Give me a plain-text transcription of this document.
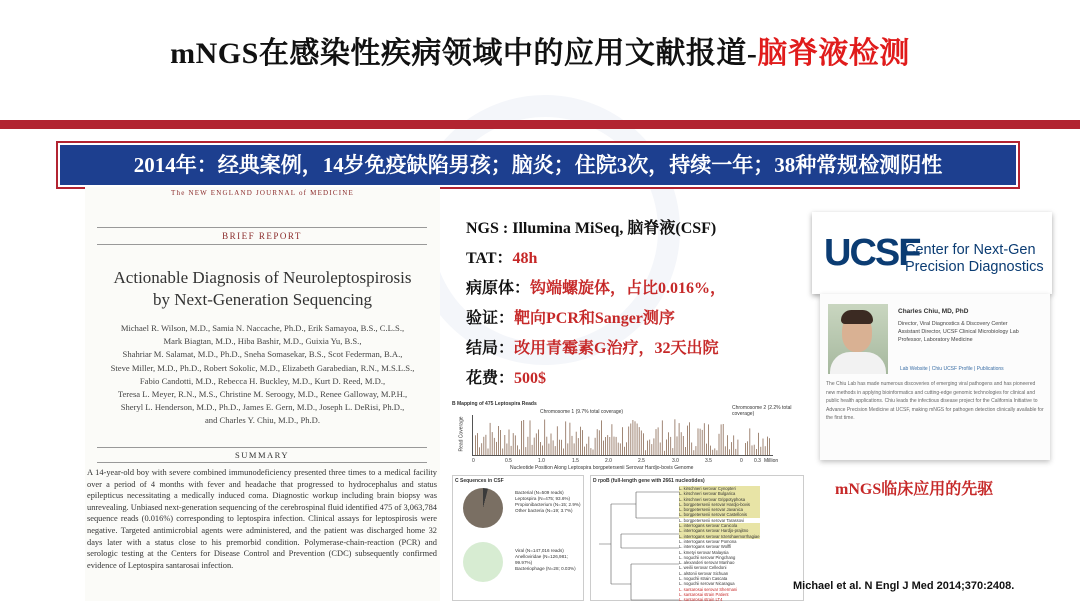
mNGS在感染性疾病领域中的应用文献报道-脑脊液检测
2014年：经典案例，14岁免疫缺陷男孩；脑炎；住院3次，持续一年；38种常规检测阴性
The NEW ENGLAND JOURNAL of MEDICINE
BRIEF REPORT
Actionable Diagnosis of Neuroleptospirosis
by Next-Generation Sequencing
Michael R. Wilson, M.D., Samia N. Naccache, Ph.D., Erik Samayoa, B.S., C.L.S.,
Mark Biagtan, M.D., Hiba Bashir, M.D., Guixia Yu, B.S.,
Shahriar M. Salamat, M.D., Ph.D., Sneha Somasekar, B.S., Scot Federman, B.A.,
Steve Miller, M.D., Ph.D., Robert Sokolic, M.D., Elizabeth Garabedian, R.N., M.S.L.S.,
Fabio Candotti, M.D., Rebecca H. Buckley, M.D., Kurt D. Reed, M.D.,
Teresa L. Meyer, R.N., M.S., Christine M. Seroogy, M.D., Renee Galloway, M.P.H.,
Sheryl L. Henderson, M.D., Ph.D., James E. Gern, M.D., Joseph L. DeRisi, Ph.D.,
and Charles Y. Chiu, M.D., Ph.D.
SUMMARY
A 14-year-old boy with severe combined immunodeficiency presented three times to a medical facility over a period of 4 months with fever and headache that progressed to hydrocephalus and status epilepticus necessitating a medically induced coma. Diagnostic workup including brain biopsy was unrevealing. Unbiased next-generation sequencing of the cerebrospinal fluid identified 475 of 3,063,784 sequence reads (0.016%) corresponding to leptospira infection. Clinical assays for leptospirosis were negative. Targeted antimicrobial agents were administered, and the patient was discharged home 32 days later with a status close to his premorbid condition. Polymerase-chain-reaction (PCR) and serologic testing at the Centers for Disease Control and Prevention (CDC) subsequently confirmed evidence of Leptospira santarosai infection.
NGS : Illumina MiSeq, 脑脊液(CSF)
TAT：48h
病原体：钩端螺旋体，占比0.016%，
验证：靶向PCR和Sanger测序
结局：改用青霉素G治疗，32天出院
花费：500$
B Mapping of 475 Leptospira Reads
Chromosome 1 (9.7% total coverage)
Chromosome 2 (2.2% total coverage)
Read Coverage
0	0.5	1.0	1.5	2.0	2.5	3.0	3.5	0 0.3 Million
Nucleotide Position Along Leptospira borgpetersenii Serovar Hardjo-bovis Genome
C Sequences in CSF
Bacterial (N=509 reads)
Leptospira (N=475; 93.6%)
Propionibacterium (N=15; 2.9%)
Other bacteria (N=19; 3.7%)
Viral (N=147,016 reads)
Anelloviridae (N=126,981; 99.97%)
Bacteriophage (N=28; 0.03%)
D rpoB (full-length gene with 2661 nucleotides)
L. kirschneri serovar Cynopteri
L. kirschneri serovar Bulgarica
L. kirschneri serovar Grippotyphosa
L. borgpetersenii serovar Hardjo-bovis
L. borgpetersenii serovar Javanica
L. borgpetersenii serovar Castellonis
L. borgpetersenii serovar Tarassovi
L. interrogans serovar Canicola
L. interrogans serovar Hardjo-prajitno
L. interrogans serovar Icterohaemorrhagiae
L. interrogans serovar Pomona
L. interrogans serovar Wolffi
L. kmetyi serovar Malaysia
L. noguchii serovar Pingchang
L. alexanderi serovar Manhao
L. weilii serovar Celledoni
L. alstonii serovar Sichuan
L. noguchii strain Cascata
L. noguchii serovar Nicaragua
L. santarosai serovar Shermani
L. santarosai strain Patient
L. santarosai strain LT4
UCSF
Center for Next-Gen
Precision Diagnostics
Charles Chiu, MD, PhD
Director, Viral Diagnostics & Discovery Center
Assistant Director, UCSF Clinical Microbiology Lab
Professor, Laboratory Medicine
Lab Website | Chiu UCSF Profile | Publications
The Chiu Lab has made numerous discoveries of emerging viral pathogens and has pioneered new methods in applying bioinformatics and cutting-edge genomic technologies for clinical and public health applications. Chiu leads the infectious disease project for the California Initiative to Advance Precision Medicine at UCSF, making mNGS for pathogen detection clinically available for the first time.
mNGS临床应用的先驱
Michael et al. N Engl J Med 2014;370:2408.
